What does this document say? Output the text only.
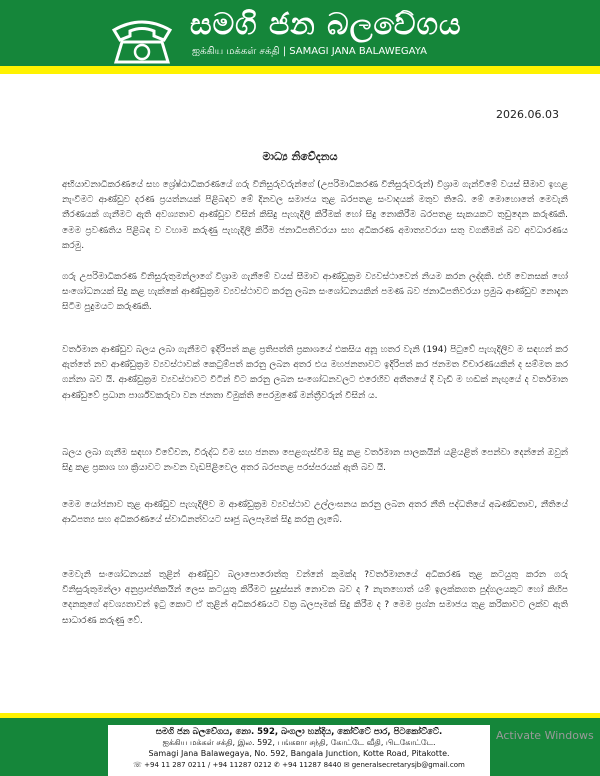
සමගි ජන බලවේගය
ஐக்கிய மக்கள் சக்தி | SAMAGI JANA BALAWEGAYA
2026.06.03
මාධ්‍ය නිවේදනය

අභියාචනාධිකරණයේ සහ ශ්‍රේෂ්ඨාධිකරණයේ ගරු විනිසුරුවරුන්ගේ (උපරිමාධිකරණ විනිසුරුවරුන්) විශ්‍රාම ගැන්වීමේ වයස් සීමාව ඉහළ නැංවීමට ආණ්ඩුව දරණ ප්‍රයත්නයක් පිළිබඳව මේ දිනවල සමාජය තුළ බරපතළ සංවාදයක් මතුව තිබේ. මේ මොහොතේ මෙවැනි තීරණයක් ගැනීමට ඇති අවශ්‍යතාව ආණ්ඩුව විසින් කිසිදු පැහැදිලි කිරීමක් හෝ සිදු නොකිරීම බරපතළ සැකයකට තුඩුදෙන කරුණකි. මෙම ප්‍රවණතිය පිළිබඳ ව වහාම කරුණු පැහැදිලි කිරීම ජනාධිපතිවරයා සහ අධිකරණ අමාත්‍යවරයා සතු වගකීමක් බව අවධාරණය කරමු.

ගරු උපරිමාධිකරණ විනිසුරුතුමන්ලාගේ විශ්‍රාම ගැනීමේ වයස් සීමාව ආණ්ඩුක්‍රම ව්‍යවස්ථාවෙන් නියම කරන ලද්දකි. එහි වෙනසක් හෝ සංශෝධනයක් සිදු කළ හැක්කේ ආණ්ඩුක්‍රම ව්‍යවස්ථාවට කරනු ලබන සංශෝධනයකින් පමණ බව ජනාධිපතිවරයා ප්‍රමුඛ ආණ්ඩුව නොදැන සිටීම පුදුමයට කරුණකි.

වර්තමාන ආණ්ඩුව බලය ලබා ගැනීමට ඉදිරිපත් කළ ප්‍රතිපත්ති ප්‍රකාශයේ එකසිය අනූ හතර වැනි (194) පිටුවේ පැහැදිලිව ම සඳහන් කර ඇත්තේ නව ආණ්ඩුක්‍රම ව්‍යවස්ථාවක් කෙටුම්පත් කරනු ලබන අතර එය මහජනතාවට ඉදිරිපත් කර ජනමත විචාරණයකින් ද සම්මත කර ගන්නා බව යි. ආණ්ඩුක්‍රම ව්‍යවස්ථාවට විටින් විට කරනු ලබන සංශෝධනවලට එරෙහිව අතීතයේ දී වැඩි ම හඬක් නැඟුයේ ද වර්තමාන ආණ්ඩුවේ ප්‍රධාන පාර්ශ්වකරුවා වන ජනතා විමුක්ති පෙරමුණේ මන්ත්‍රීවරුන් විසින් ය.

බලය ලබා ගැනීම සඳහා විවේචන, විරුද්ධ වීම සහ ජනතා පෙළගැස්වීම සිදු කළ වර්තමාන පාලකයින් යළියළිත් පෙන්වා දෙන්නේ ඔවුන් සිදු කළ ප්‍රකාශ හා ක්‍රියාවට නංවන වැඩපිළිවෙල අතර බරපතළ පරස්පරයක් ඇති බව යි.

මෙම යෝජනාව තුළ ආණ්ඩුව පැහැදිලිව ම ආණ්ඩුක්‍රම ව්‍යවස්ථාව උල්ලංඝනය කරනු ලබන අතර නීති පද්ධතියේ අඛණ්ඩතාව, නීතියේ ආධිපත්‍ය සහ අධිකරණයේ ස්වාධීනත්වයට සෘජු බලපෑමක් සිදු කරනු ලැබේ.

මෙවැනි සංශෝධනයක් තුළින් ආණ්ඩුව බලාපොරොත්තු වන්නේ කුමක්ද ?වර්තමානයේ අධිකරණ තුළ කටයුතු කරන ගරු විනිසුරුතුමන්ලා අනුප්‍රාප්තිකයින් ලෙස කටයුතු කිරීමට සුදුස්සන් නොවන බව ද ? නැතහොත් යම් ඉලක්කගත පුද්ගලයකුට හෝ කිහිප දෙනකුගේ අවශ්‍යතාවන් ඉටු කොට ඒ තුළින් අධිකරණයට වක්‍ර බලපෑමක් සිදු කිරීම ද ? මෙම ප්‍රශ්න සමාජය තුළ කරිකාවට ලක්ව ඇති සාධාරණ කරුණු වේ.

සමගි ජන බලවේගය, නො. 592, බංගලා හන්දිය, කෝට්ටේ පාර, පිටකෝට්ටේ.
ஐக்கிய மக்கள் சக்தி, இல. 592, பங்களா சந்தி, கோட்டே வீதி, பிடகோட்டே.
Samagi Jana Balawegaya, No. 592, Bangala Junction, Kotte Road, Pitakotte.
☏ +94 11 287 0211 / +94 11287 0212 ✆ +94 11287 8440 ✉ generalsecretarysjb@gmail.com
Activate Windows
